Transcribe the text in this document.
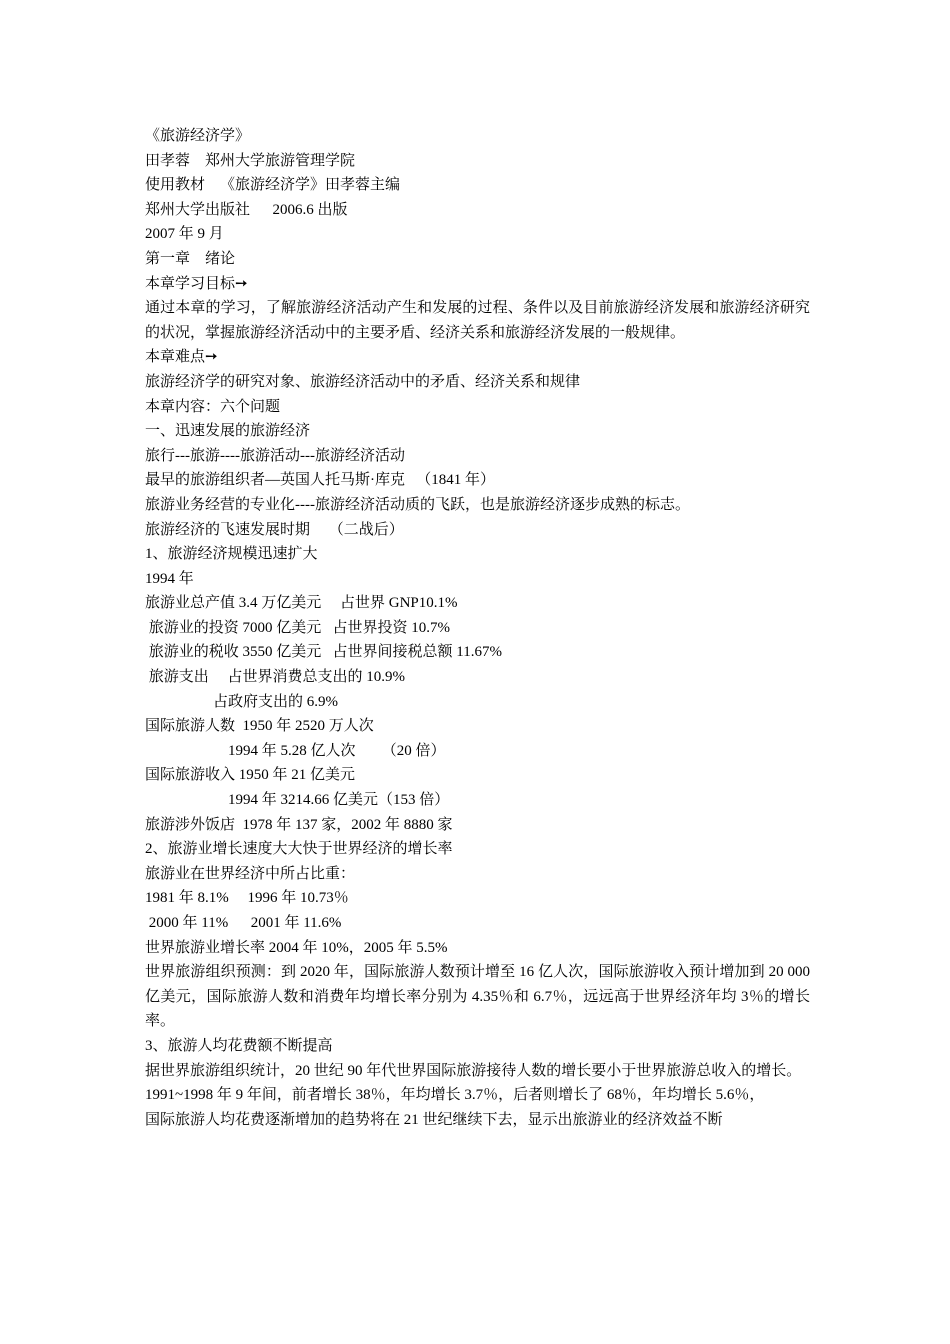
《旅游经济学》

田孝蓉    郑州大学旅游管理学院

使用教材    《旅游经济学》田孝蓉主编

郑州大学出版社      2006.6 出版

2007 年 9 月

第一章    绪论

本章学习目标➙

通过本章的学习，了解旅游经济活动产生和发展的过程、条件以及目前旅游经济发展和旅游经济研究的状况，掌握旅游经济活动中的主要矛盾、经济关系和旅游经济发展的一般规律。

本章难点➙

旅游经济学的研究对象、旅游经济活动中的矛盾、经济关系和规律

本章内容：六个问题

一、迅速发展的旅游经济

旅行---旅游----旅游活动---旅游经济活动

最早的旅游组织者—英国人托马斯·库克   （1841 年）

旅游业务经营的专业化----旅游经济活动质的飞跃，也是旅游经济逐步成熟的标志。

旅游经济的飞速发展时期     （二战后）

1、旅游经济规模迅速扩大

1994 年

旅游业总产值 3.4 万亿美元     占世界 GNP10.1%

旅游业的投资 7000 亿美元   占世界投资 10.7%

旅游业的税收 3550 亿美元   占世界间接税总额 11.67%

旅游支出     占世界消费总支出的 10.9%

占政府支出的 6.9%

国际旅游人数  1950 年 2520 万人次

1994 年 5.28 亿人次       （20 倍）

国际旅游收入 1950 年 21 亿美元

1994 年 3214.66 亿美元（153 倍）

旅游涉外饭店  1978 年 137 家，2002 年 8880 家

2、旅游业增长速度大大快于世界经济的增长率

旅游业在世界经济中所占比重：

1981 年 8.1%     1996 年 10.73％

2000 年 11%      2001 年 11.6%

世界旅游业增长率 2004 年 10%，2005 年 5.5%

世界旅游组织预测：到 2020 年，国际旅游人数预计增至 16 亿人次，国际旅游收入预计增加到 20 000 亿美元，国际旅游人数和消费年均增长率分别为 4.35％和 6.7％，远远高于世界经济年均 3％的增长率。

3、旅游人均花费额不断提高

据世界旅游组织统计，20 世纪 90 年代世界国际旅游接待人数的增长要小于世界旅游总收入的增长。

1991~1998 年 9 年间，前者增长 38％，年均增长 3.7％，后者则增长了 68％，年均增长 5.6％，

国际旅游人均花费逐渐增加的趋势将在 21 世纪继续下去，显示出旅游业的经济效益不断
